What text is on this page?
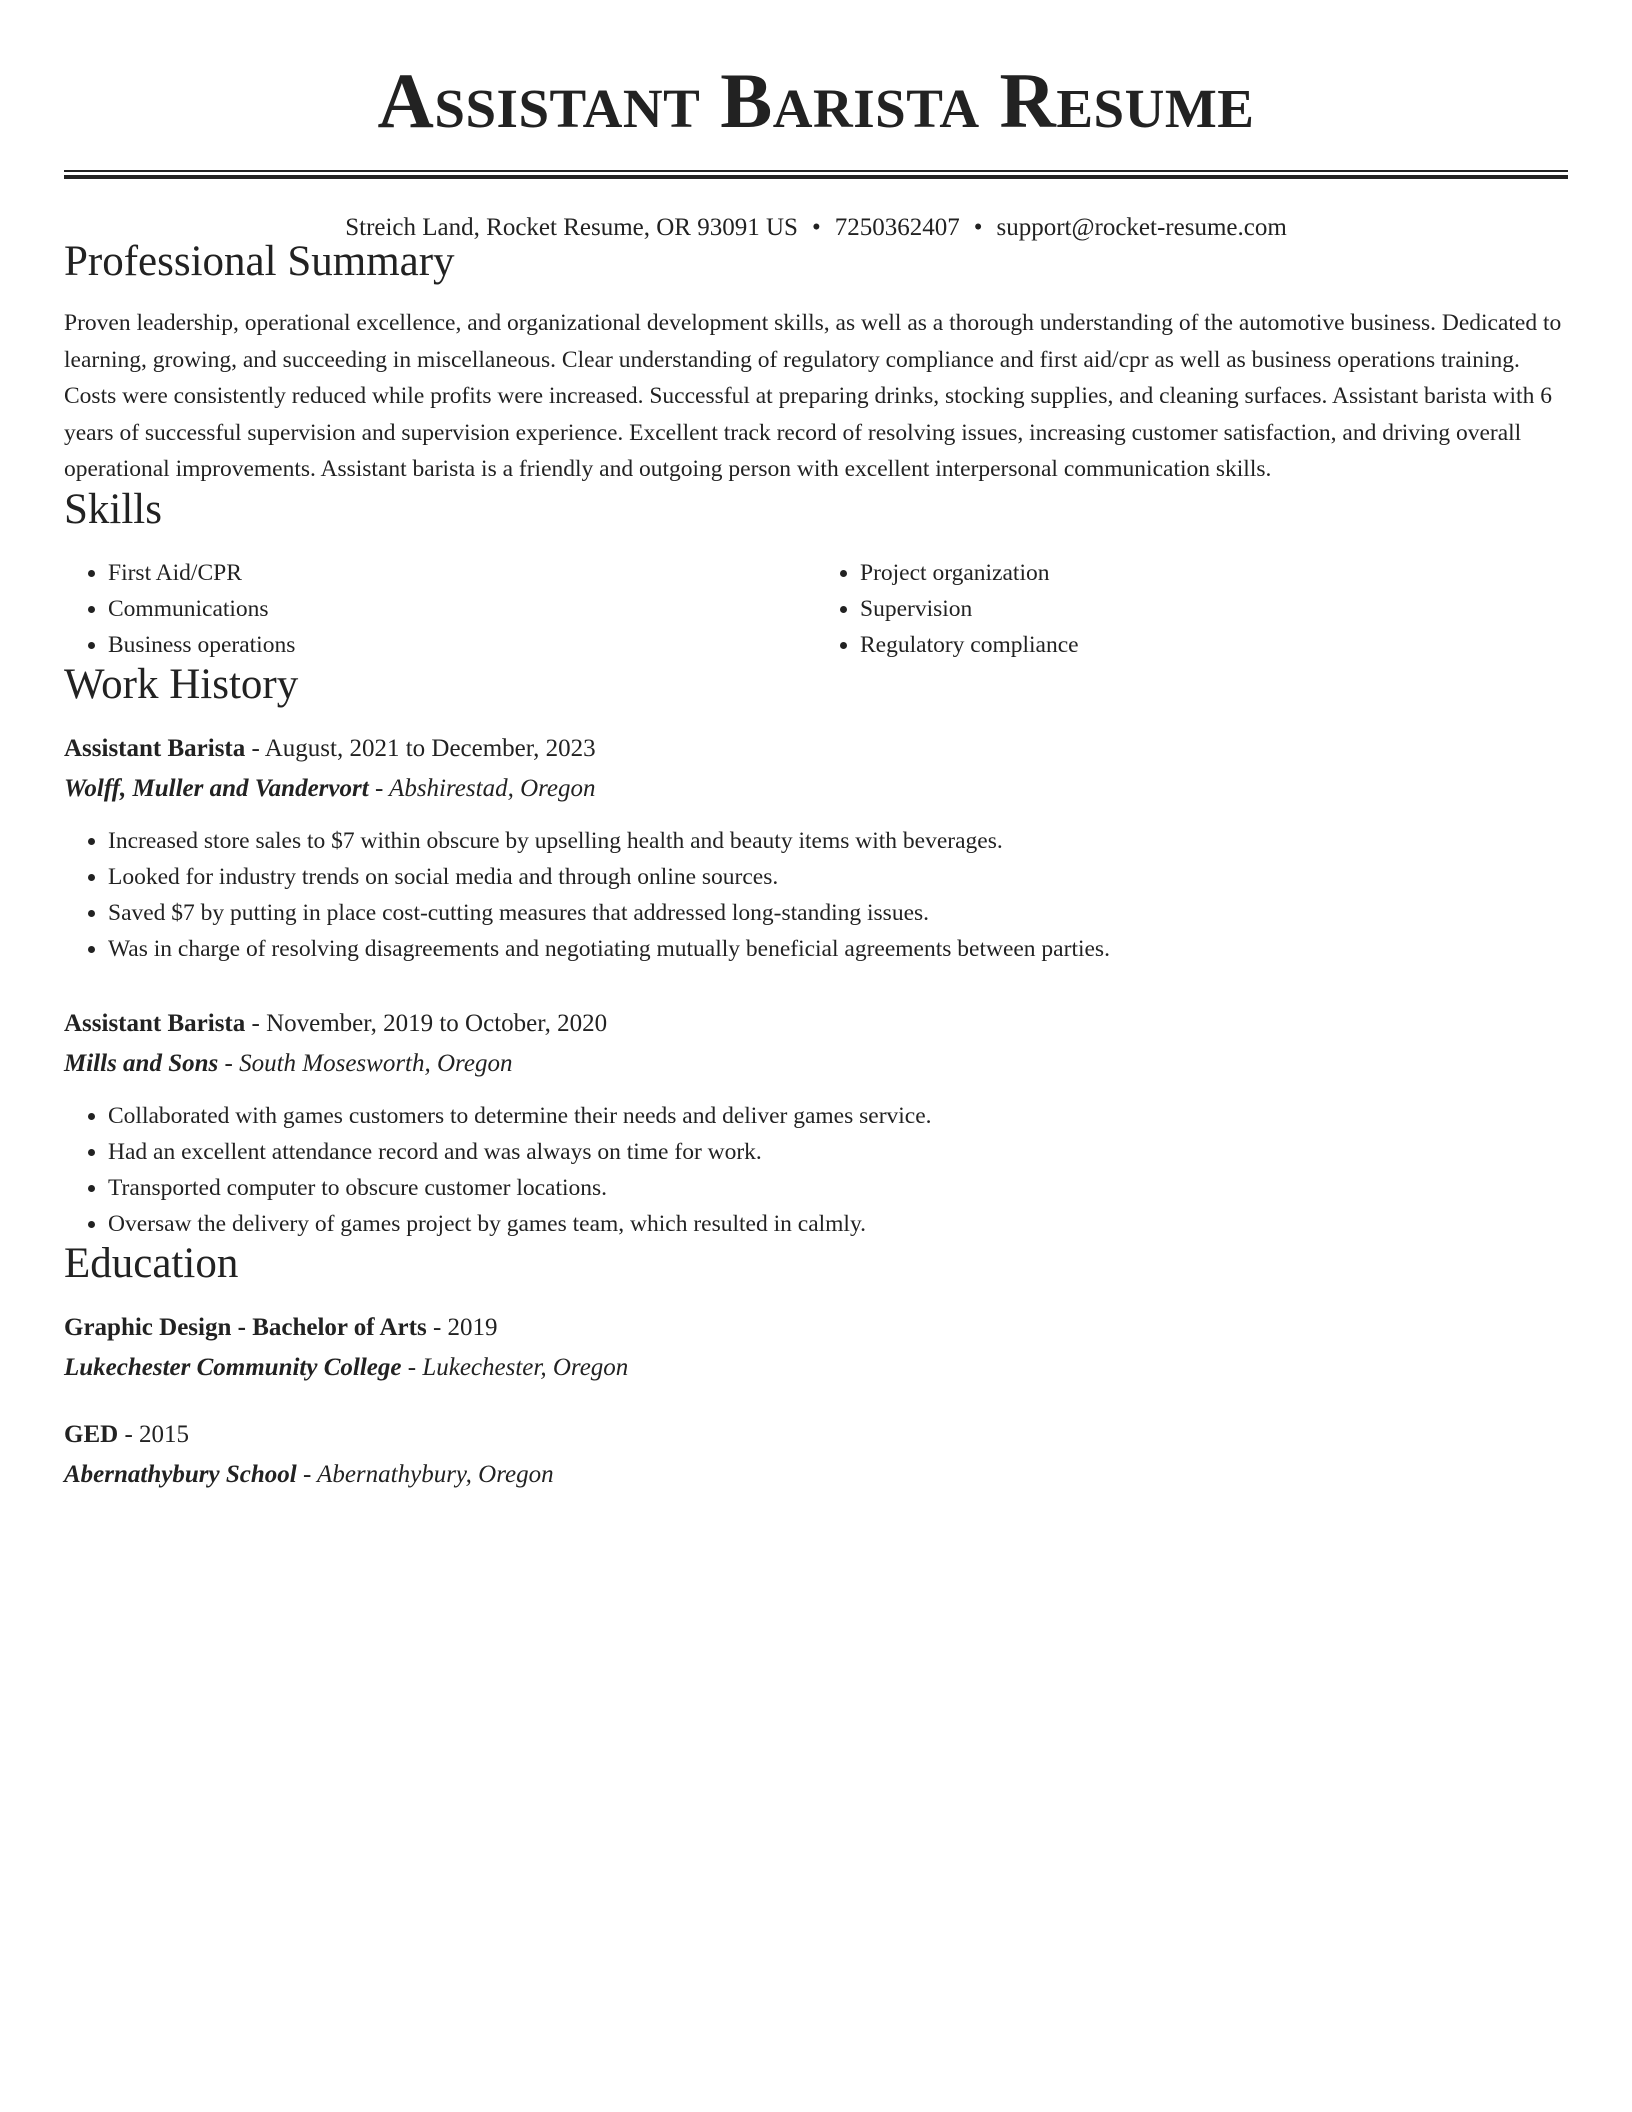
Assistant Barista Resume
Streich Land, Rocket Resume, OR 93091 US • 7250362407 • support@rocket-resume.com
Professional Summary

Proven leadership, operational excellence, and organizational development skills, as well as a thorough understanding of the automotive business. Dedicated to learning, growing, and succeeding in miscellaneous. Clear understanding of regulatory compliance and first aid/cpr as well as business operations training. Costs were consistently reduced while profits were increased. Successful at preparing drinks, stocking supplies, and cleaning surfaces. Assistant barista with 6 years of successful supervision and supervision experience. Excellent track record of resolving issues, increasing customer satisfaction, and driving overall operational improvements. Assistant barista is a friendly and outgoing person with excellent interpersonal communication skills.

Skills
• First Aid/CPR
• Communications
• Business operations
• Project organization
• Supervision
• Regulatory compliance
Work History
Assistant Barista - August, 2021 to December, 2023
Wolff, Muller and Vandervort - Abshirestad, Oregon
• Increased store sales to $7 within obscure by upselling health and beauty items with beverages.
• Looked for industry trends on social media and through online sources.
• Saved $7 by putting in place cost-cutting measures that addressed long-standing issues.
• Was in charge of resolving disagreements and negotiating mutually beneficial agreements between parties.
Assistant Barista - November, 2019 to October, 2020
Mills and Sons - South Mosesworth, Oregon
• Collaborated with games customers to determine their needs and deliver games service.
• Had an excellent attendance record and was always on time for work.
• Transported computer to obscure customer locations.
• Oversaw the delivery of games project by games team, which resulted in calmly.
Education
Graphic Design - Bachelor of Arts - 2019
Lukechester Community College - Lukechester, Oregon
GED - 2015
Abernathybury School - Abernathybury, Oregon
